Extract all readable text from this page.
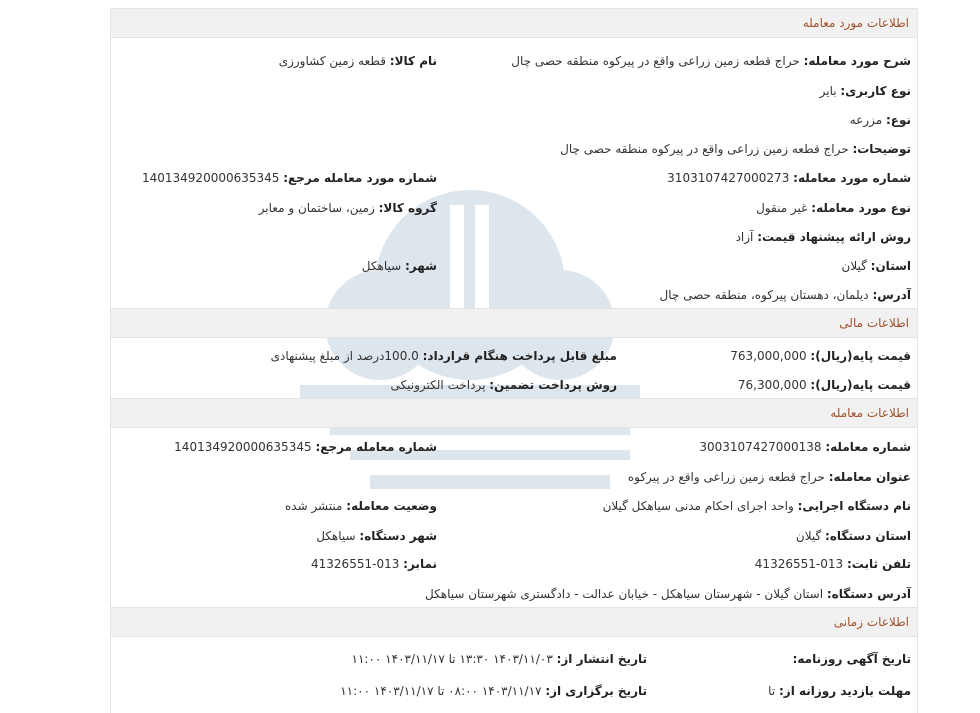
اطلاعات مورد معامله
شرح مورد معامله: حراج قطعه زمین زراعی واقع در پیرکوه منطقه حصی چال
نام کالا: قطعه زمین کشاورزی
نوع کاربری: بایر
نوع: مزرعه
توضیحات: حراج قطعه زمین زراعی واقع در پیرکوه منطقه حصی چال
شماره مورد معامله: 3103107427000273
شماره مورد معامله مرجع: 140134920000635345
نوع مورد معامله: غیر منقول
گروه کالا: زمین، ساختمان و معابر
روش ارائه پیشنهاد قیمت: آزاد
استان: گیلان
شهر: سیاهکل
آدرس: دیلمان، دهستان پیرکوه، منطقه حصی چال
اطلاعات مالی
قیمت پایه(ریال): 763,000,000
مبلغ قابل پرداخت هنگام قرارداد: 100.0درصد از مبلغ پیشنهادی
قیمت پایه(ریال): 76,300,000
روش پرداخت تضمین: پرداخت الکترونیکی
اطلاعات معامله
شماره معامله: 3003107427000138
شماره معامله مرجع: 140134920000635345
عنوان معامله: حراج قطعه زمین زراعی واقع در پیرکوه
نام دستگاه اجرایی: واحد اجرای احکام مدنی سیاهکل گیلان
وضعیت معامله: منتشر شده
استان دستگاه: گیلان
شهر دستگاه: سیاهکل
تلفن ثابت: 013-41326551
نمابر: 013-41326551
آدرس دستگاه: استان گیلان - شهرستان سیاهکل - خیابان عدالت - دادگستری شهرستان سیاهکل
اطلاعات زمانی
تاریخ آگهی روزنامه:
تاریخ انتشار از: ۱۴۰۳/۱۱/۰۳ ۱۳:۳۰ تا ۱۴۰۳/۱۱/۱۷ ۱۱:۰۰
مهلت بازدید روزانه از: تا
تاریخ برگزاری از: ۱۴۰۳/۱۱/۱۷ ۰۸:۰۰ تا ۱۴۰۳/۱۱/۱۷ ۱۱:۰۰
